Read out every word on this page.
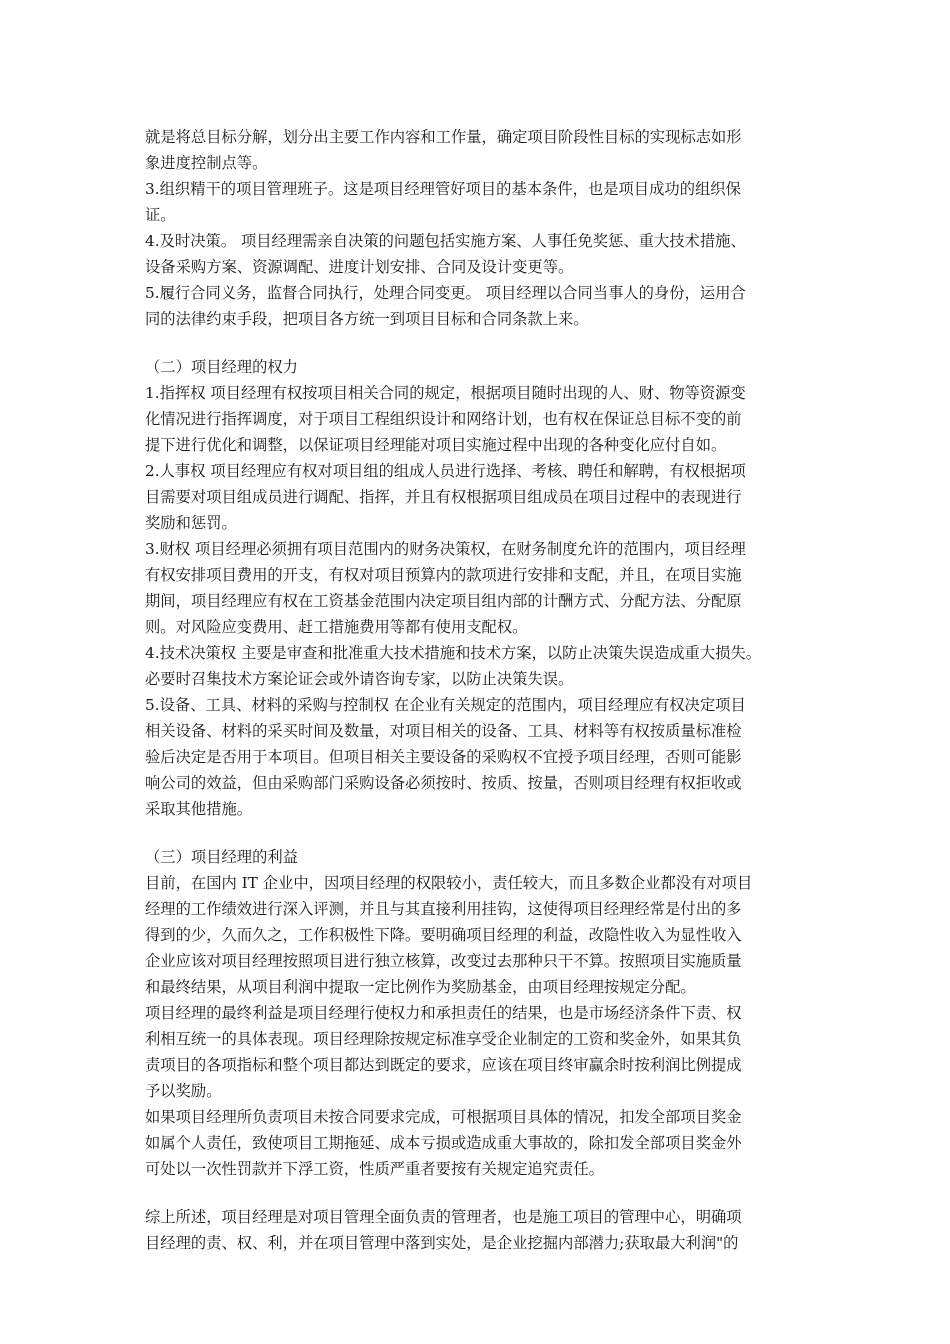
就是将总目标分解，划分出主要工作内容和工作量，确定项目阶段性目标的实现标志如形
象进度控制点等。
3.组织精干的项目管理班子。这是项目经理管好项目的基本条件，也是项目成功的组织保
证。
4.及时决策。 项目经理需亲自决策的问题包括实施方案、人事任免奖惩、重大技术措施、
设备采购方案、资源调配、进度计划安排、合同及设计变更等。
5.履行合同义务，监督合同执行，处理合同变更。 项目经理以合同当事人的身份，运用合
同的法律约束手段，把项目各方统一到项目目标和合同条款上来。
（二）项目经理的权力
1.指挥权 项目经理有权按项目相关合同的规定，根据项目随时出现的人、财、物等资源变
化情况进行指挥调度，对于项目工程组织设计和网络计划，也有权在保证总目标不变的前
提下进行优化和调整，以保证项目经理能对项目实施过程中出现的各种变化应付自如。
2.人事权 项目经理应有权对项目组的组成人员进行选择、考核、聘任和解聘，有权根据项
目需要对项目组成员进行调配、指挥，并且有权根据项目组成员在项目过程中的表现进行
奖励和惩罚。
3.财权 项目经理必须拥有项目范围内的财务决策权，在财务制度允许的范围内，项目经理
有权安排项目费用的开支，有权对项目预算内的款项进行安排和支配，并且，在项目实施
期间，项目经理应有权在工资基金范围内决定项目组内部的计酬方式、分配方法、分配原
则。对风险应变费用、赶工措施费用等都有使用支配权。
4.技术决策权 主要是审查和批准重大技术措施和技术方案，以防止决策失误造成重大损失。
必要时召集技术方案论证会或外请咨询专家，以防止决策失误。
5.设备、工具、材料的采购与控制权 在企业有关规定的范围内，项目经理应有权决定项目
相关设备、材料的采买时间及数量，对项目相关的设备、工具、材料等有权按质量标准检
验后决定是否用于本项目。但项目相关主要设备的采购权不宜授予项目经理，否则可能影
响公司的效益，但由采购部门采购设备必须按时、按质、按量，否则项目经理有权拒收或
采取其他措施。
（三）项目经理的利益
目前，在国内 IT 企业中，因项目经理的权限较小，责任较大，而且多数企业都没有对项目
经理的工作绩效进行深入评测，并且与其直接利用挂钩，这使得项目经理经常是付出的多
得到的少，久而久之，工作积极性下降。要明确项目经理的利益，改隐性收入为显性收入
企业应该对项目经理按照项目进行独立核算，改变过去那种只干不算。按照项目实施质量
和最终结果，从项目利润中提取一定比例作为奖励基金，由项目经理按规定分配。
项目经理的最终利益是项目经理行使权力和承担责任的结果，也是市场经济条件下责、权
利相互统一的具体表现。项目经理除按规定标准享受企业制定的工资和奖金外，如果其负
责项目的各项指标和整个项目都达到既定的要求，应该在项目终审赢余时按利润比例提成
予以奖励。
如果项目经理所负责项目未按合同要求完成，可根据项目具体的情况，扣发全部项目奖金
如属个人责任，致使项目工期拖延、成本亏损或造成重大事故的，除扣发全部项目奖金外
可处以一次性罚款并下浮工资，性质严重者要按有关规定追究责任。
综上所述，项目经理是对项目管理全面负责的管理者，也是施工项目的管理中心，明确项
目经理的责、权、利，并在项目管理中落到实处，是企业挖掘内部潜力;获取最大利润"的
